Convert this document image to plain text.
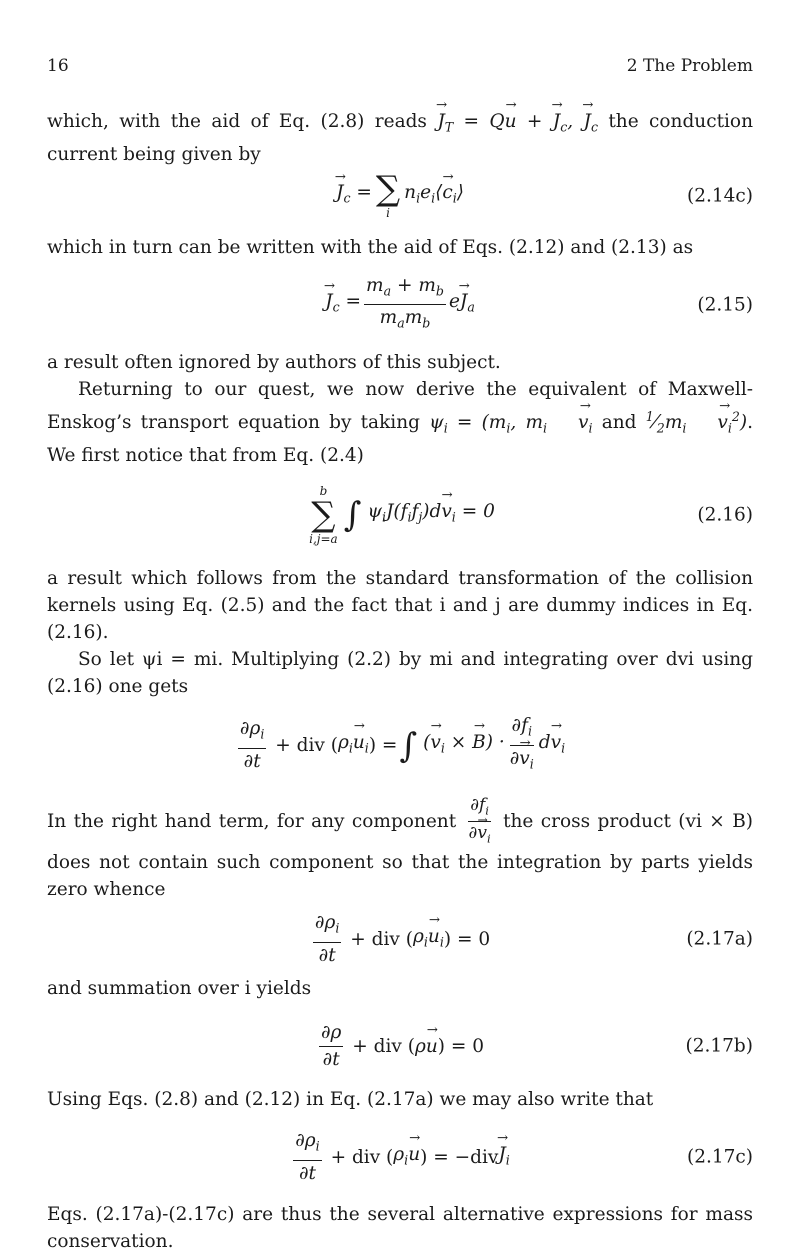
16	2 The Problem

which, with the aid of Eq. (2.8) reads → $J_T = Q\to u$ + → $J_c$, → $J_c$ the conduction current being given by

→ $J_c$ = ∑
i
$n_ie_i⟨\to$ $c_i⟩$	(2.14c)

which in turn can be written with the aid of Eqs. (2.12) and (2.13) as

→ $J_c = \frac{m_a + m_b}{m_am_b} e\to J_a$	(2.15)

a result often ignored by authors of this subject.

Returning to our quest, we now derive the equivalent of Maxwell-Enskog’s transport equation by taking $\psi_i = (m_i$, $m_i\to v_i$ and $^1⁄_2m_i\to v_i^2$). We first notice that from Eq. (2.4)

b
∑
i,j=a
∫ $\psi_iJ(f_if_j)d\to v_i = 0$	(2.16)

a result which follows from the standard transformation of the collision kernels using Eq. (2.5) and the fact that i and j are dummy indices in Eq. (2.16).

So let ψi = mi. Multiplying (2.2) by mi and integrating over dvi using (2.16) one gets

$\frac{\partial\rho_i}{\partial t}$ + div ( $\rho_i\to u_i$ ) = ∫ (→ $v_i$ × → $B) \cdot \frac{\partial f_i}{\partial\to v_i} d\to v_i$

In the right hand term, for any component $\frac{\partial f_i}{\partial\to v_i}$ the cross product (vi × B) does not contain such component so that the integration by parts yields zero whence

$\frac{\partial\rho_i}{\partial t}$ + div ( $\rho_i\to u_i$ ) = 0	(2.17a)

and summation over i yields

$\frac{\partial\rho}{\partial t}$ + div ( ρ→ u ) = 0	(2.17b)

Using Eqs. (2.8) and (2.12) in Eq. (2.17a) we may also write that

$\frac{\partial\rho_i}{\partial t}$ + div ( $\rho_i\to u$ ) = −div
→ $J_i$	(2.17c)

Eqs. (2.17a)-(2.17c) are thus the several alternative expressions for mass conservation.
